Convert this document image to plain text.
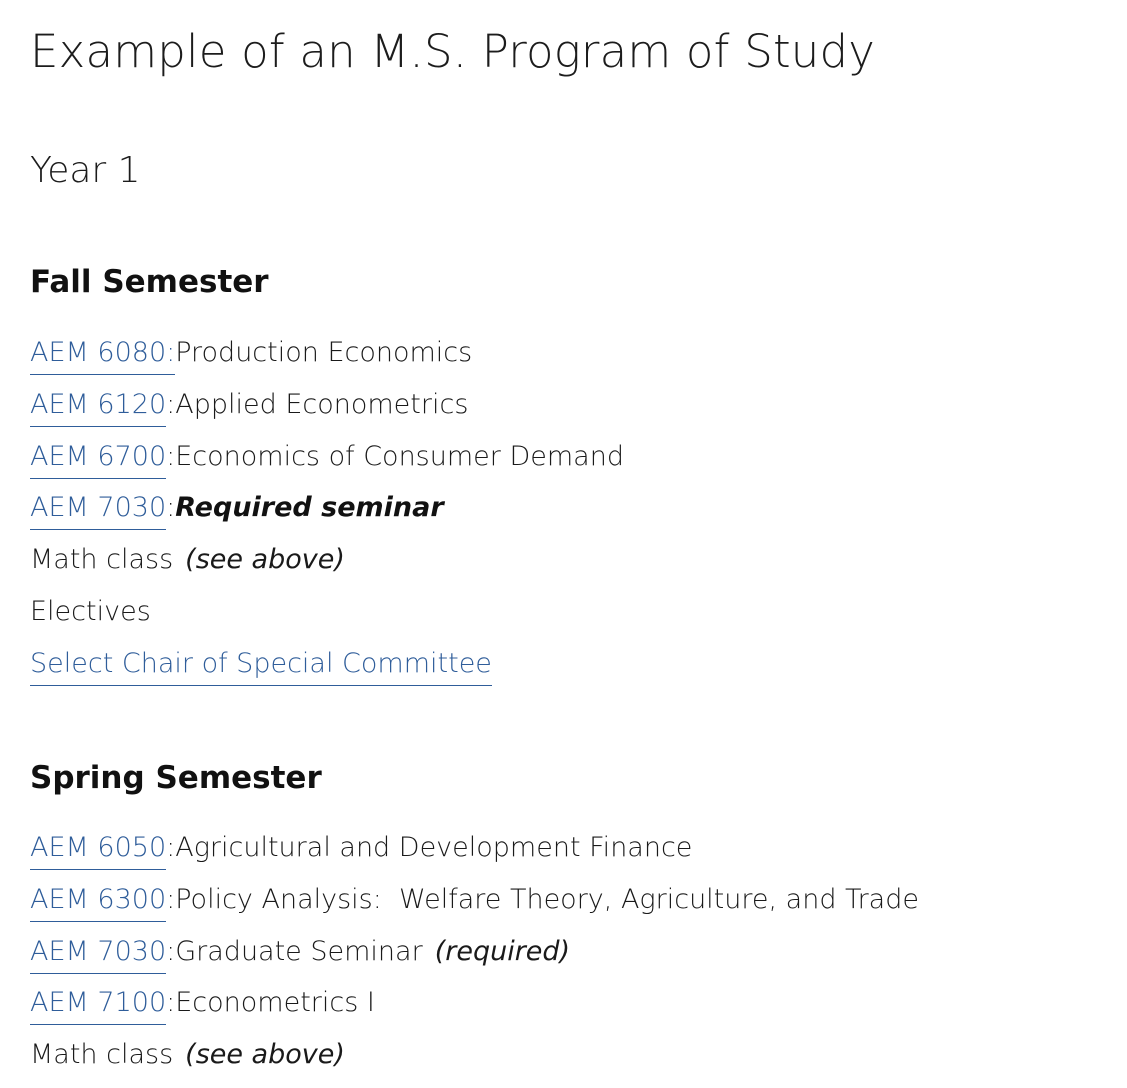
Example of an M.S. Program of Study
Year 1
Fall Semester
AEM 6080: Production Economics
AEM 6120 : Applied Econometrics
AEM 6700 : Economics of Consumer Demand
AEM 7030 : Required seminar
Math class (see above)
Electives
Select Chair of Special Committee
Spring Semester
AEM 6050 : Agricultural and Development Finance
AEM 6300 : Policy Analysis:  Welfare Theory, Agriculture, and Trade
AEM 7030 : Graduate Seminar (required)
AEM 7100 : Econometrics I
Math class (see above)
